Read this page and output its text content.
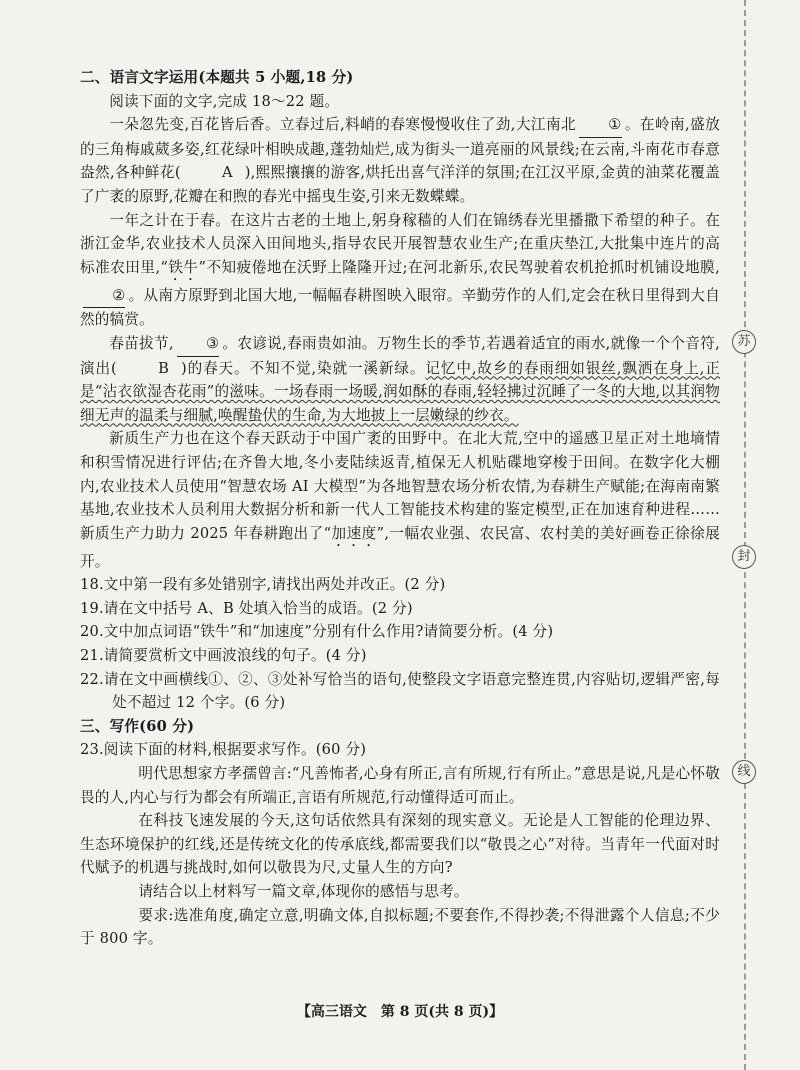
苏
封
线

二、语言文字运用(本题共 5 小题,18 分)

阅读下面的文字,完成 18～22 题。

一朵忽先变,百花皆后香。立春过后,料峭的春寒慢慢收住了劲,大江南北 ① 。在岭南,盛放的三角梅戚葳多姿,红花绿叶相映成趣,蓬勃灿烂,成为街头一道亮丽的风景线;在云南,斗南花市春意盎然,各种鲜花(	A ),熙熙攘攘的游客,烘托出喜气洋洋的氛围;在江汉平原,金黄的油菜花覆盖了广袤的原野,花瓣在和煦的春光中摇曳生姿,引来无数蝶蝶。

一年之计在于春。在这片古老的土地上,躬身稼穑的人们在锦绣春光里播撒下希望的种子。在浙江金华,农业技术人员深入田间地头,指导农民开展智慧农业生产;在重庆垫江,大批集中连片的高标准农田里,“铁牛”不知疲倦地在沃野上隆隆开过;在河北新乐,农民驾驶着农机抢抓时机铺设地膜,② 。从南方原野到北国大地,一幅幅春耕图映入眼帘。辛勤劳作的人们,定会在秋日里得到大自然的犒赏。

春苗拔节, ③ 。农谚说,春雨贵如油。万物生长的季节,若遇着适宜的雨水,就像一个个音符,演出(	B )的春天。不知不觉,染就一溪新绿。记忆中,故乡的春雨细如银丝,飘洒在身上,正是“沾衣欲湿杏花雨”的滋味。一场春雨一场暖,润如酥的春雨,轻轻拂过沉睡了一冬的大地,以其润物细无声的温柔与细腻,唤醒蛰伏的生命,为大地披上一层嫩绿的纱衣。

新质生产力也在这个春天跃动于中国广袤的田野中。在北大荒,空中的遥感卫星正对土地墒情和积雪情况进行评估;在齐鲁大地,冬小麦陆续返青,植保无人机贴碟地穿梭于田间。在数字化大棚内,农业技术人员使用“智慧农场 AI 大模型”为各地智慧农场分析农情,为春耕生产赋能;在海南南繁基地,农业技术人员利用大数据分析和新一代人工智能技术构建的鉴定模型,正在加速育种进程……新质生产力助力 2025 年春耕跑出了“加速度”,一幅农业强、农民富、农村美的美好画卷正徐徐展开。

18.文中第一段有多处错别字,请找出两处并改正。(2 分)

19.请在文中括号 A、B 处填入恰当的成语。(2 分)

20.文中加点词语“铁牛”和“加速度”分别有什么作用?请简要分析。(4 分)

21.请简要赏析文中画波浪线的句子。(4 分)

22.请在文中画横线①、②、③处补写恰当的语句,使整段文字语意完整连贯,内容贴切,逻辑严密,每处不超过 12 个字。(6 分)

三、写作(60 分)

23.阅读下面的材料,根据要求写作。(60 分)

明代思想家方孝孺曾言:“凡善怖者,心身有所正,言有所规,行有所止。”意思是说,凡是心怀敬畏的人,内心与行为都会有所端正,言语有所规范,行动懂得适可而止。

在科技飞速发展的今天,这句话依然具有深刻的现实意义。无论是人工智能的伦理边界、生态环境保护的红线,还是传统文化的传承底线,都需要我们以“敬畏之心”对待。当青年一代面对时代赋予的机遇与挑战时,如何以敬畏为尺,丈量人生的方向?

请结合以上材料写一篇文章,体现你的感悟与思考。

要求:选准角度,确定立意,明确文体,自拟标题;不要套作,不得抄袭;不得泄露个人信息;不少于 800 字。

【高三语文　第 8 页(共 8 页)】
